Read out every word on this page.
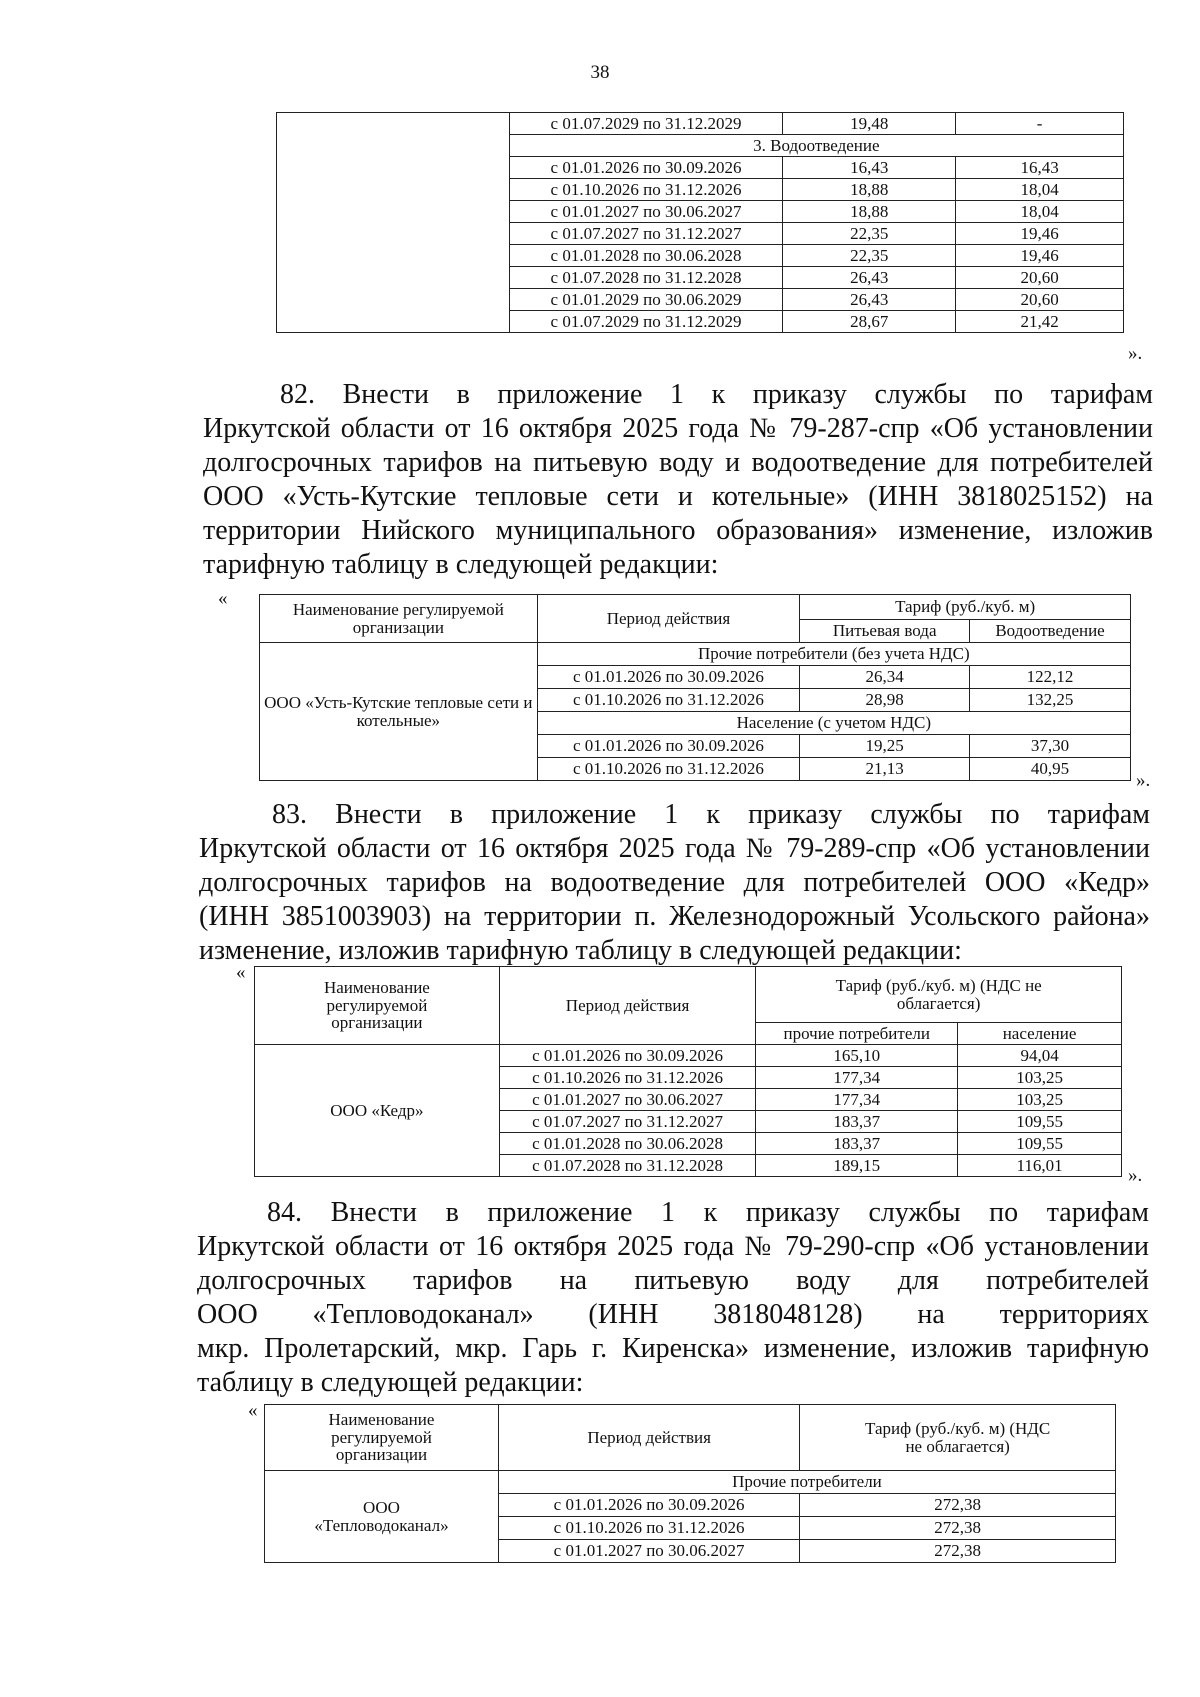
38
	с 01.07.2029 по 31.12.2029	19,48	-
	3. Водоотведение		
	с 01.01.2026 по 30.09.2026	16,43	16,43
	с 01.10.2026 по 31.12.2026	18,88	18,04
	с 01.01.2027 по 30.06.2027	18,88	18,04
	с 01.07.2027 по 31.12.2027	22,35	19,46
	с 01.01.2028 по 30.06.2028	22,35	19,46
	с 01.07.2028 по 31.12.2028	26,43	20,60
	с 01.01.2029 по 30.06.2029	26,43	20,60
	с 01.07.2029 по 31.12.2029	28,67	21,42
».
82. Внести в приложение 1 к приказу службы по тарифам
Иркутской области от 16 октября 2025 года № 79-287-спр «Об установлении
долгосрочных тарифов на питьевую воду и водоотведение для потребителей
ООО «Усть-Кутские тепловые сети и котельные» (ИНН 3818025152) на
территории Нийского муниципального образования» изменение, изложив
тарифную таблицу в следующей редакции:
«
Наименование регулируемой организации	Период действия	Тариф (руб./куб. м)	
		Питьевая вода	Водоотведение
ООО «Усть-Кутские тепловые сети и котельные»	Прочие потребители (без учета НДС)		
	с 01.01.2026 по 30.09.2026	26,34	122,12
	с 01.10.2026 по 31.12.2026	28,98	132,25
	Население (с учетом НДС)		
	с 01.01.2026 по 30.09.2026	19,25	37,30
	с 01.10.2026 по 31.12.2026	21,13	40,95
».
83. Внести в приложение 1 к приказу службы по тарифам
Иркутской области от 16 октября 2025 года № 79-289-спр «Об установлении
долгосрочных тарифов на водоотведение для потребителей ООО «Кедр»
(ИНН 3851003903) на территории п. Железнодорожный Усольского района»
изменение, изложив тарифную таблицу в следующей редакции:
«
Наименование регулируемой организации	Период действия	Тариф (руб./куб. м) (НДС не облагается)	
		прочие потребители	население
ООО «Кедр»	с 01.01.2026 по 30.09.2026	165,10	94,04
	с 01.10.2026 по 31.12.2026	177,34	103,25
	с 01.01.2027 по 30.06.2027	177,34	103,25
	с 01.07.2027 по 31.12.2027	183,37	109,55
	с 01.01.2028 по 30.06.2028	183,37	109,55
	с 01.07.2028 по 31.12.2028	189,15	116,01	».
84. Внести в приложение 1 к приказу службы по тарифам
Иркутской области от 16 октября 2025 года № 79-290-спр «Об установлении
долгосрочных тарифов на питьевую воду для потребителей
ООО «Тепловодоканал» (ИНН 3818048128) на территориях
мкр. Пролетарский, мкр. Гарь г. Киренска» изменение, изложив тарифную
таблицу в следующей редакции:
«	Наименование регулируемой организации	Период действия	Тариф (руб./куб. м) (НДС не облагается)
ООО «Тепловодоканал»	Прочие потребители	
	с 01.01.2026 по 30.09.2026	272,38
	с 01.10.2026 по 31.12.2026	272,38
	с 01.01.2027 по 30.06.2027	272,38
